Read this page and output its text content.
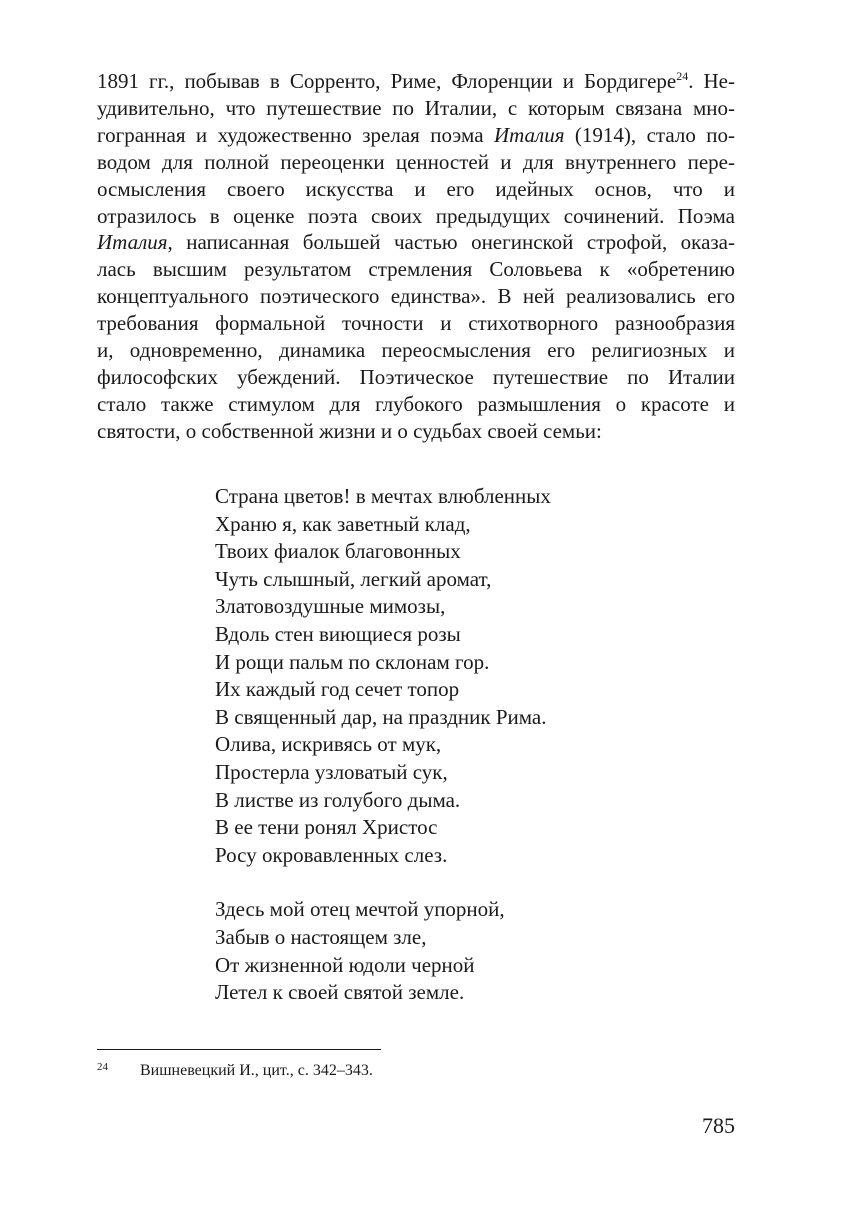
1891 гг., побывав в Сорренто, Риме, Флоренции и Бордигере$^{24}$. Не-
удивительно, что путешествие по Италии, с которым связана мно-
гогранная и художественно зрелая поэма Италия (1914), стало по-
водом для полной переоценки ценностей и для внутреннего пере-
осмысления своего искусства и его идейных основ, что и
отразилось в оценке поэта своих предыдущих сочинений. Поэма
Италия, написанная большей частью онегинской строфой, оказа-
лась высшим результатом стремления Соловьева к «обретению
концептуального поэтического единства». В ней реализовались его
требования формальной точности и стихотворного разнообразия
и, одновременно, динамика переосмысления его религиозных и
философских убеждений. Поэтическое путешествие по Италии
стало также стимулом для глубокого размышления о красоте и
святости, о собственной жизни и о судьбах своей семьи:
Страна цветов! в мечтах влюбленных
Храню я, как заветный клад,
Твоих фиалок благовонных
Чуть слышный, легкий аромат,
Златовоздушные мимозы,
Вдоль стен виющиеся розы
И рощи пальм по склонам гор.
Их каждый год сечет топор
В священный дар, на праздник Рима.
Олива, искривясь от мук,
Простерла узловатый сук,
В листве из голубого дыма.
В ее тени ронял Христос
Росу окровавленных слез.
Здесь мой отец мечтой упорной,
Забыв о настоящем зле,
От жизненной юдоли черной
Летел к своей святой земле.
24 Вишневецкий И., цит., с. 342–343.
785
